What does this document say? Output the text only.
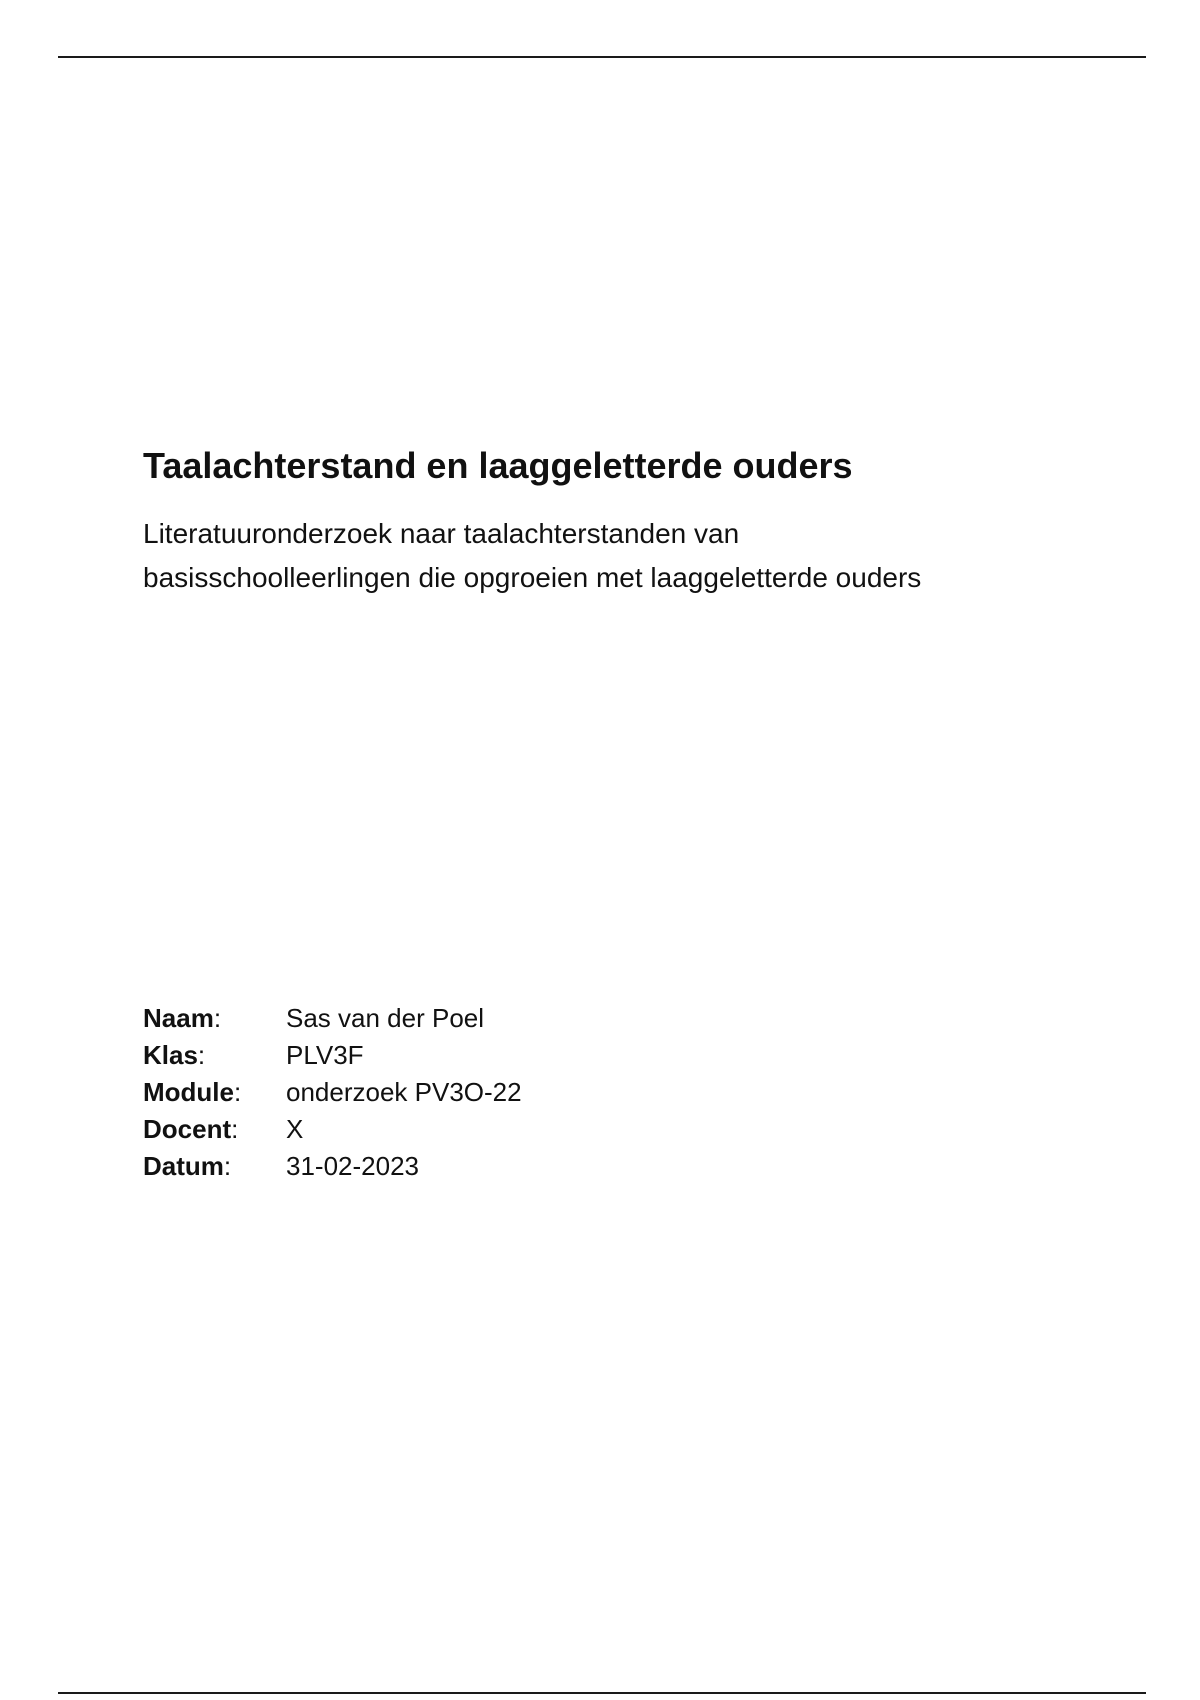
Taalachterstand en laaggeletterde ouders
Literatuuronderzoek naar taalachterstanden van
basisschoolleerlingen die opgroeien met laaggeletterde ouders
Naam:	Sas van der Poel
Klas:	PLV3F
Module:	onderzoek PV3O-22
Docent:	X
Datum:	31-02-2023
